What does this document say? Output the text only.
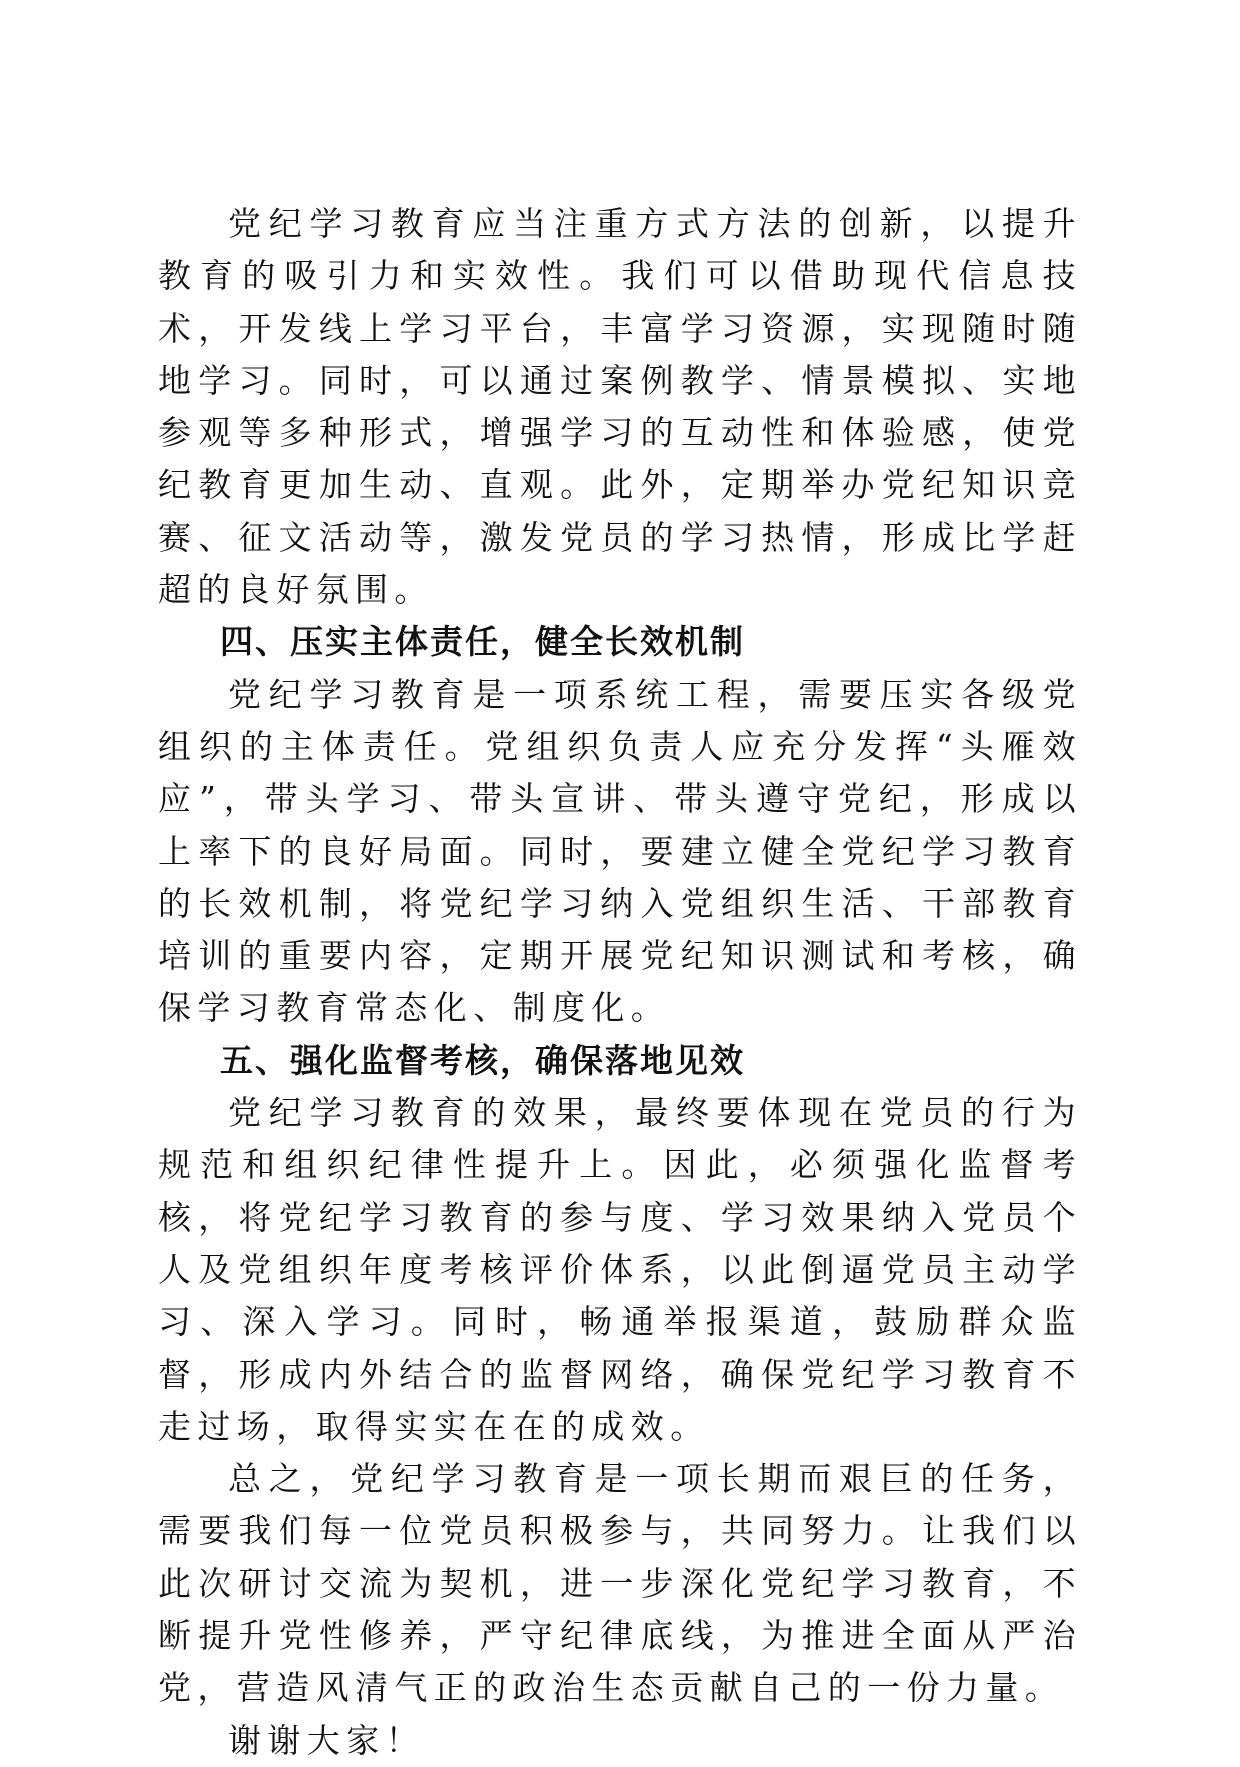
党纪学习教育应当注重方式方法的创新，以提升教育的吸引力和实效性。我们可以借助现代信息技术，开发线上学习平台，丰富学习资源，实现随时随地学习。同时，可以通过案例教学、情景模拟、实地参观等多种形式，增强学习的互动性和体验感，使党纪教育更加生动、直观。此外，定期举办党纪知识竞赛、征文活动等，激发党员的学习热情，形成比学赶超的良好氛围。

四、压实主体责任，健全长效机制

党纪学习教育是一项系统工程，需要压实各级党组织的主体责任。党组织负责人应充分发挥“头雁效应”，带头学习、带头宣讲、带头遵守党纪，形成以上率下的良好局面。同时，要建立健全党纪学习教育的长效机制，将党纪学习纳入党组织生活、干部教育培训的重要内容，定期开展党纪知识测试和考核，确保学习教育常态化、制度化。

五、强化监督考核，确保落地见效

党纪学习教育的效果，最终要体现在党员的行为规范和组织纪律性提升上。因此，必须强化监督考核，将党纪学习教育的参与度、学习效果纳入党员个人及党组织年度考核评价体系，以此倒逼党员主动学习、深入学习。同时，畅通举报渠道，鼓励群众监督，形成内外结合的监督网络，确保党纪学习教育不走过场，取得实实在在的成效。

总之，党纪学习教育是一项长期而艰巨的任务，需要我们每一位党员积极参与，共同努力。让我们以此次研讨交流为契机，进一步深化党纪学习教育，不断提升党性修养，严守纪律底线，为推进全面从严治党，营造风清气正的政治生态贡献自己的一份力量。

谢谢大家！
